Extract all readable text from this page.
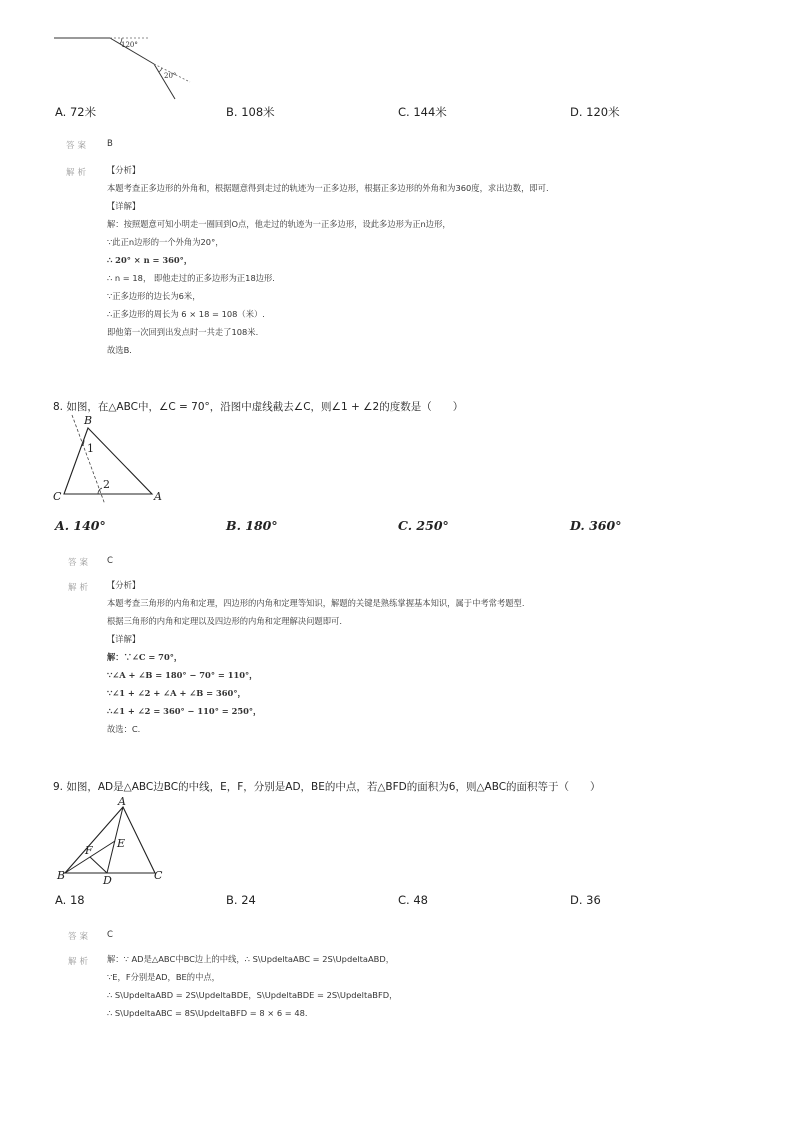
120°
20°
A. 72米	B. 108米	C. 144米	D. 120米
答案 B
解析 【分析】
本题考查正多边形的外角和，根据题意得到走过的轨迹为一正多边形，根据正多边形的外角和为360度，求出边数，即可.
【详解】
解：按照题意可知小明走一圈回到O点，他走过的轨迹为一正多边形，设此多边形为正n边形，
∵此正n边形的一个外角为20°，
∴ 20° × n = 360°，
∴ n = 18， 即他走过的正多边形为正18边形.
∵正多边形的边长为6米，
∴正多边形的周长为 6 × 18 = 108（米）.
即他第一次回到出发点时一共走了108米.
故选B.
8. 如图，在△ABC中，∠C = 70°，沿图中虚线截去∠C，则∠1 + ∠2的度数是（　　）
B
1
2
C	A
A. 140°	B. 180°	C. 250°	D. 360°
答案 C
解析 【分析】
本题考查三角形的内角和定理，四边形的内角和定理等知识，解题的关键是熟练掌握基本知识，属于中考常考题型.
根据三角形的内角和定理以及四边形的内角和定理解决问题即可.
【详解】
解：∵∠C = 70°，
∵∠A + ∠B = 180° − 70° = 110°，
∵∠1 + ∠2 + ∠A + ∠B = 360°，
∴∠1 + ∠2 = 360° − 110° = 250°，
故选：C.
9. 如图，AD是△ABC边BC的中线，E，F，分别是AD，BE的中点，若△BFD的面积为6，则△ABC的面积等于（　　）
A
E
F
B	D	C
A. 18	B. 24	C. 48	D. 36
答案 C
解析 解：∵ AD是△ABC中BC边上的中线，∴ S\UpdeltaABC = 2S\UpdeltaABD，
∵E，F分别是AD，BE的中点，
∴ S\UpdeltaABD = 2S\UpdeltaBDE，S\UpdeltaBDE = 2S\UpdeltaBFD，
∴ S\UpdeltaABC = 8S\UpdeltaBFD = 8 × 6 = 48.
